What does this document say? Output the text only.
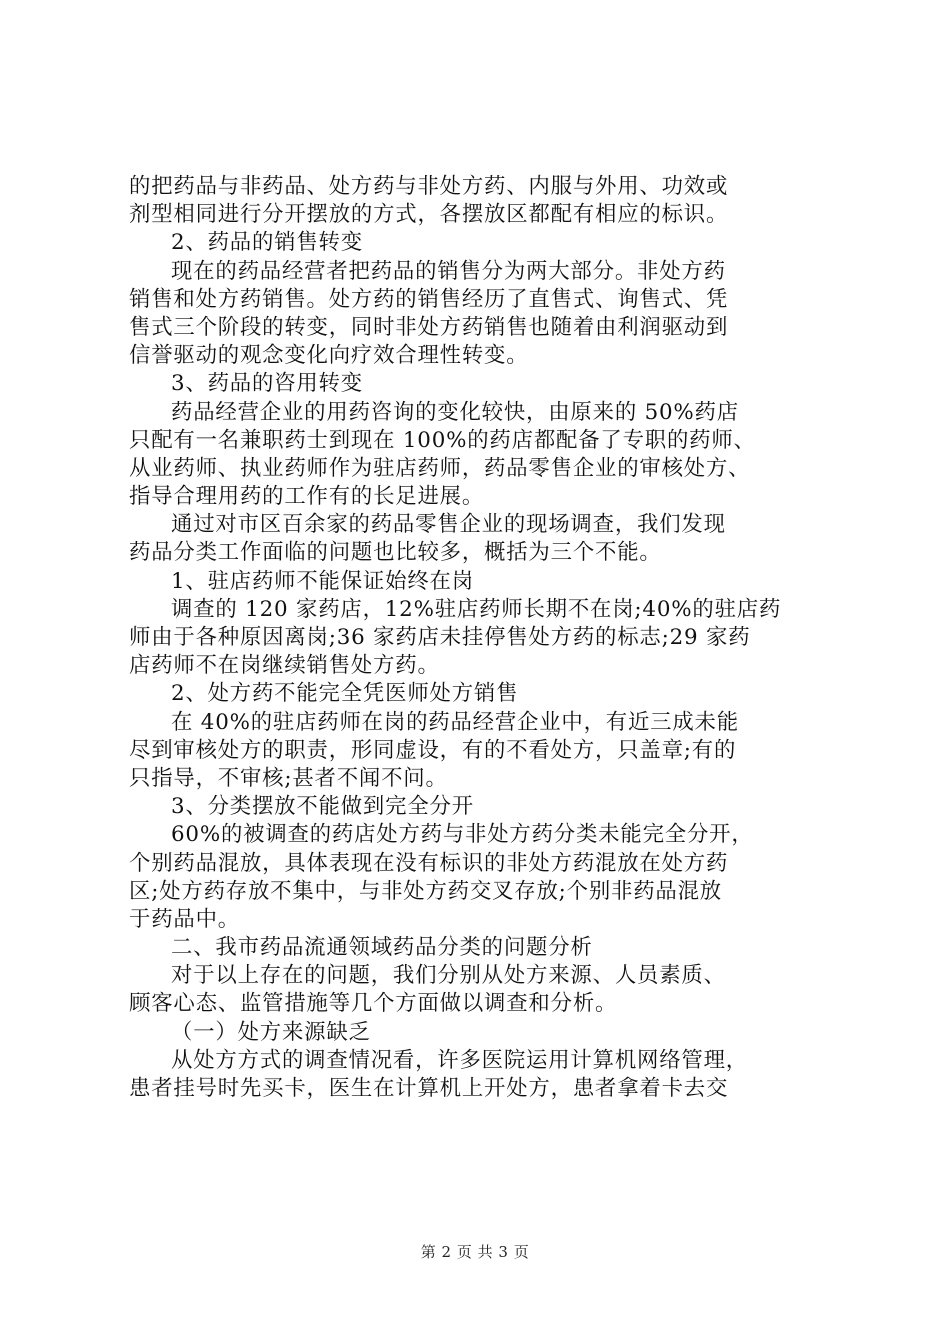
的把药品与非药品、处方药与非处方药、内服与外用、功效或
剂型相同进行分开摆放的方式，各摆放区都配有相应的标识。
2、药品的销售转变
现在的药品经营者把药品的销售分为两大部分。非处方药
销售和处方药销售。处方药的销售经历了直售式、询售式、凭
售式三个阶段的转变，同时非处方药销售也随着由利润驱动到
信誉驱动的观念变化向疗效合理性转变。
3、药品的咨用转变
药品经营企业的用药咨询的变化较快，由原来的 50%药店
只配有一名兼职药士到现在 100%的药店都配备了专职的药师、
从业药师、执业药师作为驻店药师，药品零售企业的审核处方、
指导合理用药的工作有的长足进展。
通过对市区百余家的药品零售企业的现场调查，我们发现
药品分类工作面临的问题也比较多，概括为三个不能。
1、驻店药师不能保证始终在岗
调查的 120 家药店，12%驻店药师长期不在岗;40%的驻店药
师由于各种原因离岗;36 家药店未挂停售处方药的标志;29 家药
店药师不在岗继续销售处方药。
2、处方药不能完全凭医师处方销售
在 40%的驻店药师在岗的药品经营企业中，有近三成未能
尽到审核处方的职责，形同虚设，有的不看处方，只盖章;有的
只指导，不审核;甚者不闻不问。
3、分类摆放不能做到完全分开
60%的被调查的药店处方药与非处方药分类未能完全分开，
个别药品混放，具体表现在没有标识的非处方药混放在处方药
区;处方药存放不集中，与非处方药交叉存放;个别非药品混放
于药品中。
二、我市药品流通领域药品分类的问题分析
对于以上存在的问题，我们分别从处方来源、人员素质、
顾客心态、监管措施等几个方面做以调查和分析。
（一）处方来源缺乏
从处方方式的调查情况看，许多医院运用计算机网络管理，
患者挂号时先买卡，医生在计算机上开处方，患者拿着卡去交
第 2 页 共 3 页
